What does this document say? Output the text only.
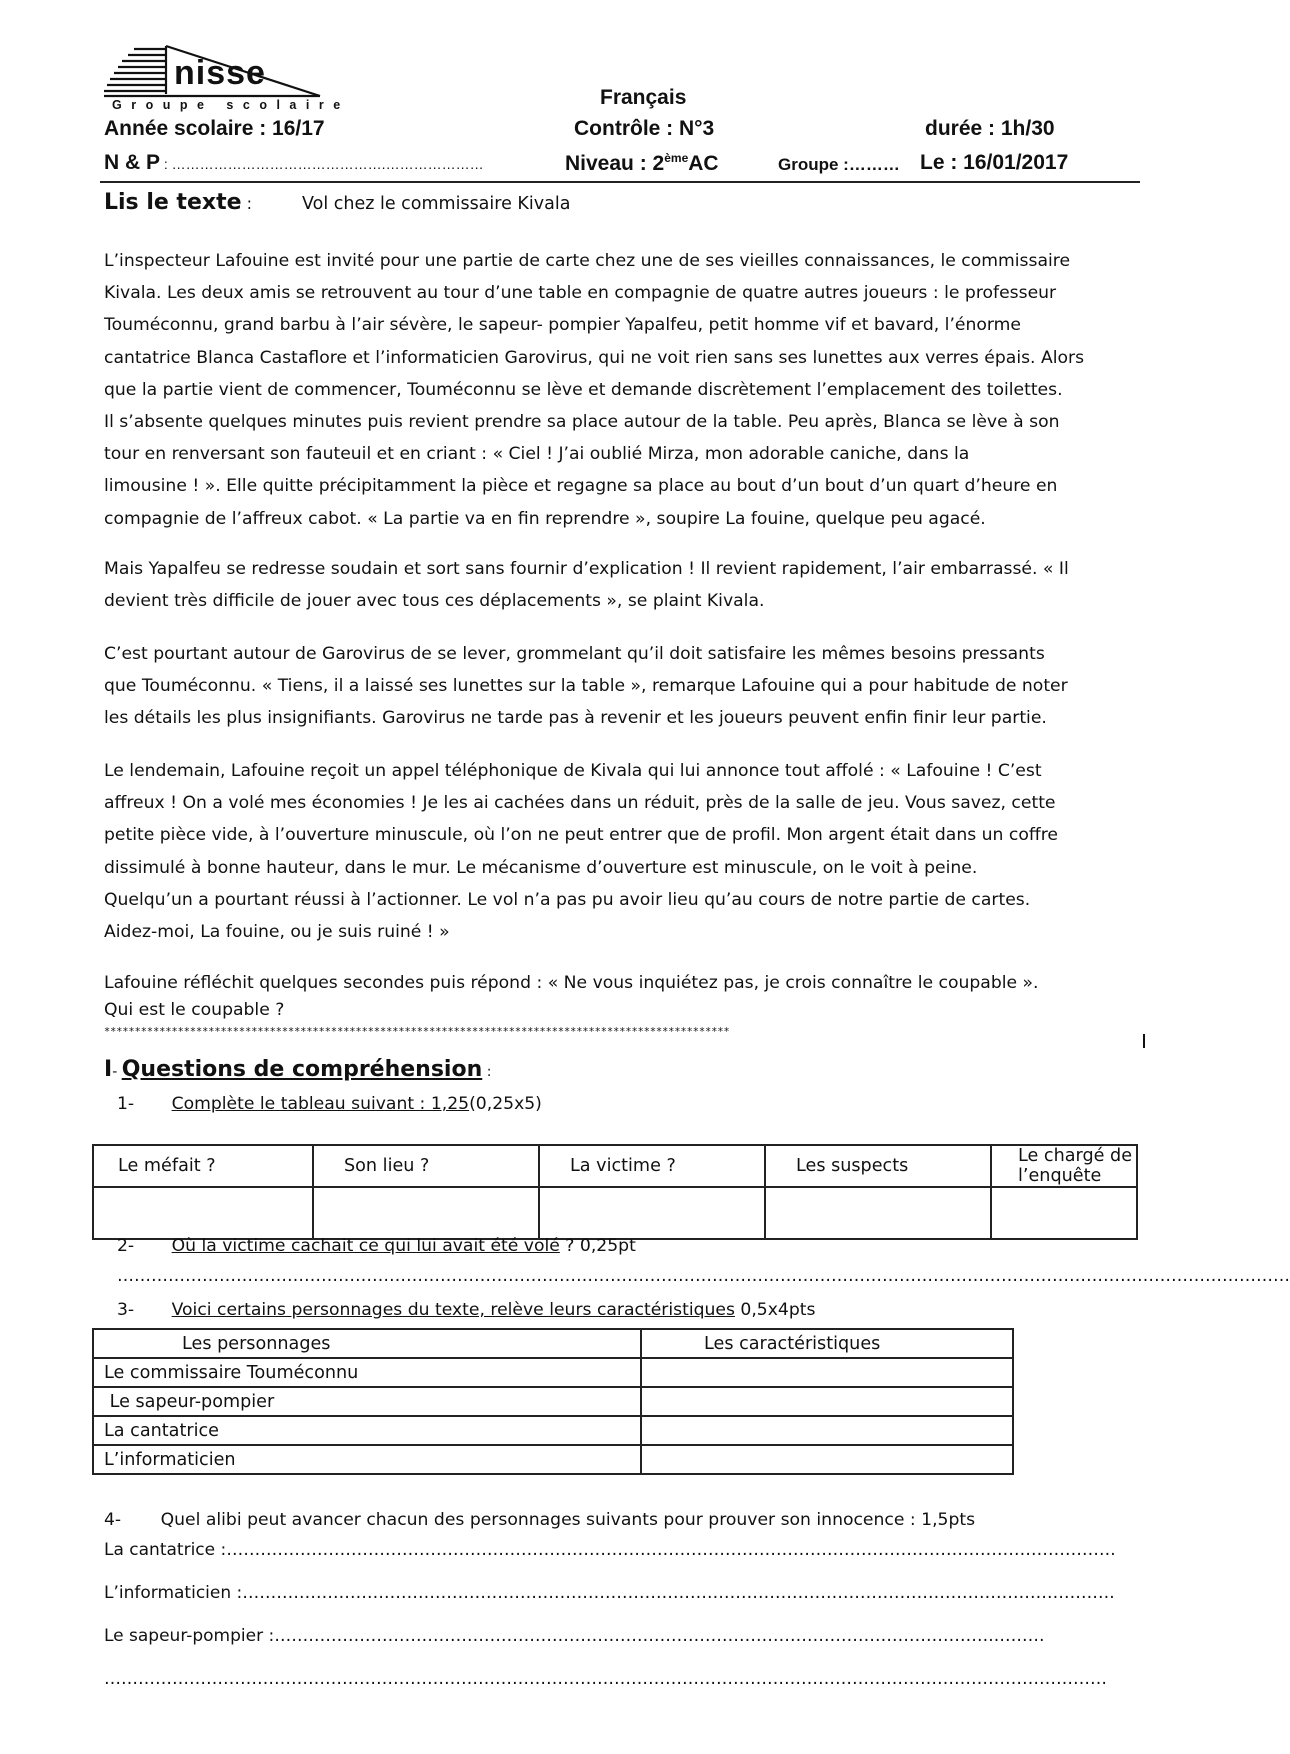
nisse
Groupe scolaire	Français
Année scolaire : 16/17	Contrôle : N°3	durée : 1h/30
N & P : ……………………………………….…………………	Niveau : 2èmeAC	Groupe :……… Le : 16/01/2017
Lis le texte :	Vol chez le commissaire Kivala
L’inspecteur Lafouine est invité pour une partie de carte chez une de ses vieilles connaissances, le commissaire
Kivala. Les deux amis se retrouvent au tour d’une table en compagnie de quatre autres joueurs : le professeur
Touméconnu, grand barbu à l’air sévère, le sapeur- pompier Yapalfeu, petit homme vif et bavard, l’énorme
cantatrice Blanca Castaflore et l’informaticien Garovirus, qui ne voit rien sans ses lunettes aux verres épais. Alors
que la partie vient de commencer, Touméconnu se lève et demande discrètement l’emplacement des toilettes.
Il s’absente quelques minutes puis revient prendre sa place autour de la table. Peu après, Blanca se lève à son
tour en renversant son fauteuil et en criant : « Ciel ! J’ai oublié Mirza, mon adorable caniche, dans la
limousine ! ». Elle quitte précipitamment la pièce et regagne sa place au bout d’un bout d’un quart d’heure en
compagnie de l’affreux cabot. « La partie va en fin reprendre », soupire La fouine, quelque peu agacé.
Mais Yapalfeu se redresse soudain et sort sans fournir d’explication ! Il revient rapidement, l’air embarrassé. « Il
devient très difficile de jouer avec tous ces déplacements », se plaint Kivala.
C’est pourtant autour de Garovirus de se lever, grommelant qu’il doit satisfaire les mêmes besoins pressants
que Touméconnu. « Tiens, il a laissé ses lunettes sur la table », remarque Lafouine qui a pour habitude de noter
les détails les plus insignifiants. Garovirus ne tarde pas à revenir et les joueurs peuvent enfin finir leur partie.
Le lendemain, Lafouine reçoit un appel téléphonique de Kivala qui lui annonce tout affolé : « Lafouine ! C’est
affreux ! On a volé mes économies ! Je les ai cachées dans un réduit, près de la salle de jeu. Vous savez, cette
petite pièce vide, à l’ouverture minuscule, où l’on ne peut entrer que de profil. Mon argent était dans un coffre
dissimulé à bonne hauteur, dans le mur. Le mécanisme d’ouverture est minuscule, on le voit à peine.
Quelqu’un a pourtant réussi à l’actionner. Le vol n’a pas pu avoir lieu qu’au cours de notre partie de cartes.
Aidez-moi, La fouine, ou je suis ruiné ! »
Lafouine réfléchit quelques secondes puis répond : « Ne vous inquiétez pas, je crois connaître le coupable ».
Qui est le coupable ?
******************************************************************************************************
I- Questions de compréhension :
1- Complète le tableau suivant : 1,25(0,25x5)
Le méfait ?	Son lieu ?	La victime ?	Les suspects	Le chargé de l’enquête

2- Où la victime cachait ce qui lui avait été volé ? 0,25pt
………………………………………………………………………………………………………………………………………………………………………………………
3- Voici certains personnages du texte, relève leurs caractéristiques 0,5x4pts
Les personnages	Les caractéristiques
Le commissaire Touméconnu	
Le sapeur-pompier	
La cantatrice	
L’informaticien	
4- Quel alibi peut avancer chacun des personnages suivants pour prouver son innocence : 1,5pts
La cantatrice :………………………………………………………………………………………………………………………………………….
L’informaticien :……………………………………………………………………………………………………………………………………….
Le sapeur-pompier :……………………………………………………………………………………………………………….………
……………………………………………………………………………………………………………………………………………………………
